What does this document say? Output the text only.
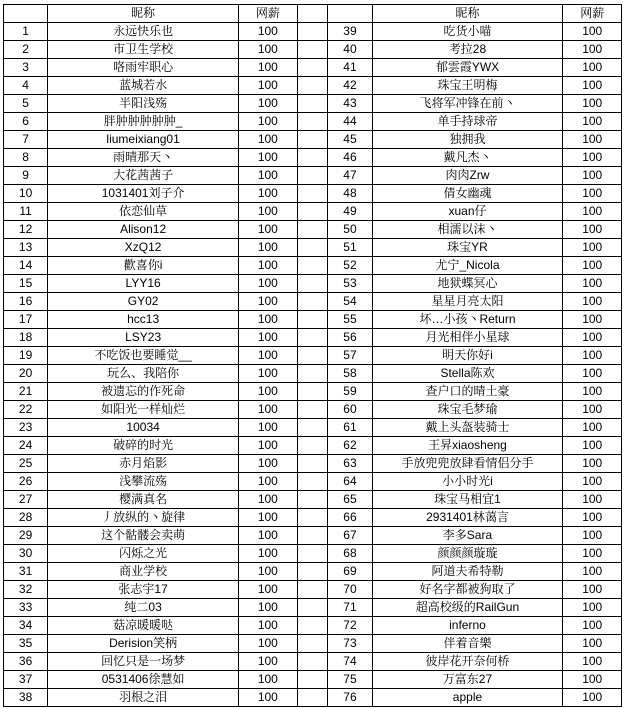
	昵称	网薪			昵称	网薪
1	永远快乐也	100		39	吃货小喵	100
2	市卫生学校	100		40	考拉28	100
3	咯雨牢职心	100		41	郁雲霞YWX	100
4	蓝城若水	100		42	珠宝王明梅	100
5	半阳浅殇	100		43	飞将军冲锋在前丶	100
6	胖肿肿肿肿肿_	100		44	单手持球帝	100
7	liumeixiang01	100		45	独拥我	100
8	雨晴那天丶	100		46	戴凡杰丶	100
9	大花茜茜子	100		47	肉肉Zrw	100
10	1031401刘子介	100		48	倩女幽魂	100
11	依恋仙草	100		49	xuan仔	100
12	Alison12	100		50	相濡以沫丶	100
13	XzQ12	100		51	珠宝YR	100
14	歡喜你i	100		52	尤宁_Nicola	100
15	LYY16	100		53	地狱蝶冥心	100
16	GY02	100		54	星星月亮太阳	100
17	hcc13	100		55	坏…小孩丶Return	100
18	LSY23	100		56	月光相伴小星球	100
19	不吃饭也要睡觉__	100		57	明天你好i	100
20	玩么、我陪你	100		58	Stella陈欢	100
21	被遗忘的作死命	100		59	查户口的晴土豪	100
22	如阳光一样灿烂	100		60	珠宝毛梦瑜	100
23	10034	100		61	戴上头盔装骑士	100
24	破碎的时光	100		62	王昇xiaosheng	100
25	赤月焰影	100		63	手放兜兜放肆看情侣分手	100
26	浅攀流殇	100		64	小小时光i	100
27	樱满真名	100		65	珠宝马相宜1	100
28	丿放纵的丶旋律	100		66	2931401林蔼言	100
29	这个骷髅会卖萌	100		67	李多Sara	100
30	闪烁之光	100		68	颜颜颜璇璇	100
31	商业学校	100		69	阿道夫希特勒	100
32	张志宇17	100		70	好名字都被狗取了	100
33	纯二03	100		71	超高校级的RailGun	100
34	菇凉暖暖哒	100		72	inferno	100
35	Derision笑柄	100		73	伴着音樂	100
36	回忆只是一场梦	100		74	彼岸花开奈何桥	100
37	0531406徐慧如	100		75	万富东27	100
38	羽根之泪	100		76	apple	100
